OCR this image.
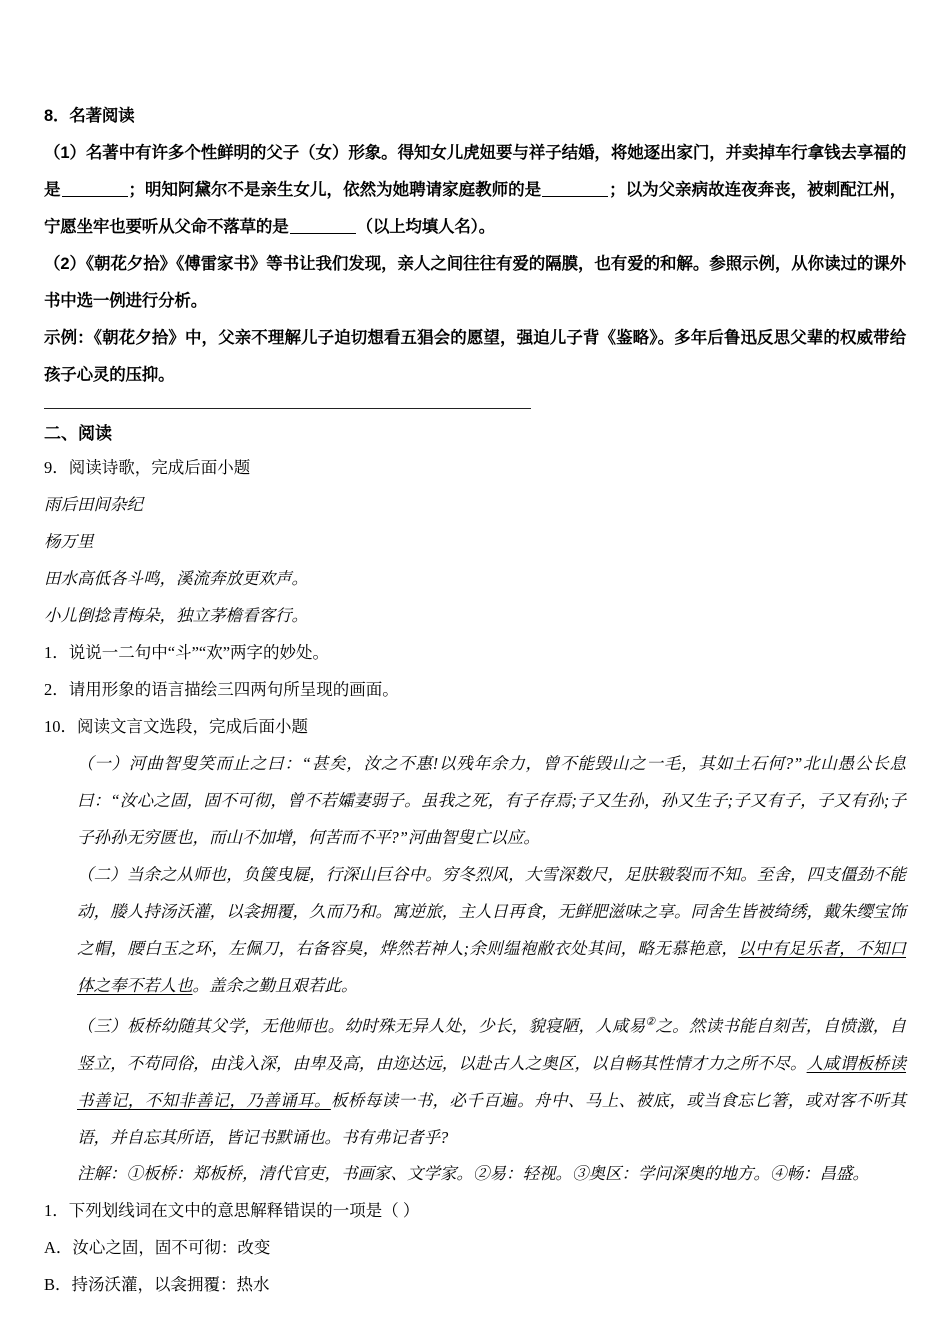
8．名著阅读
（1）名著中有许多个性鲜明的父子（女）形象。得知女儿虎妞要与祥子结婚，将她逐出家门，并卖掉车行拿钱去享福的是	；明知阿黛尔不是亲生女儿，依然为她聘请家庭教师的是	；以为父亲病故连夜奔丧，被刺配江州，宁愿坐牢也要听从父命不落草的是	（以上均填人名）。
（2）《朝花夕拾》《傅雷家书》等书让我们发现，亲人之间往往有爱的隔膜，也有爱的和解。参照示例，从你读过的课外书中选一例进行分析。
示例：《朝花夕拾》中，父亲不理解儿子迫切想看五猖会的愿望，强迫儿子背《鉴略》。多年后鲁迅反思父辈的权威带给孩子心灵的压抑。
二、阅读
9．阅读诗歌，完成后面小题
雨后田间杂纪
杨万里
田水高低各斗鸣，溪流奔放更欢声。
小儿倒捻青梅朵，独立茅檐看客行。
1．说说一二句中“斗”“欢”两字的妙处。
2．请用形象的语言描绘三四两句所呈现的画面。
10．阅读文言文选段，完成后面小题
（一）河曲智叟笑而止之曰：“甚矣，汝之不惠!以残年余力，曾不能毁山之一毛，其如土石何?”北山愚公长息曰：“汝心之固，固不可彻，曾不若孀妻弱子。虽我之死，有子存焉;子又生孙，孙又生子;子又有子，子又有孙;子子孙孙无穷匮也，而山不加增，何苦而不平?”河曲智叟亡以应。
（二）当余之从师也，负箧曳屣，行深山巨谷中。穷冬烈风，大雪深数尺，足肤皲裂而不知。至舍，四支僵劲不能动，媵人持汤沃灌，以衾拥覆，久而乃和。寓逆旅，主人日再食，无鲜肥滋味之享。同舍生皆被绮绣，戴朱缨宝饰之帽，腰白玉之环，左佩刀，右备容臭，烨然若神人;余则缊袍敝衣处其间，略无慕艳意，以中有足乐者，不知口体之奉不若人也。盖余之勤且艰若此。
（三）板桥幼随其父学，无他师也。幼时殊无异人处，少长，貌寝陋，人咸易②之。然读书能自刻苦，自愤激，自竖立，不苟同俗，由浅入深，由卑及高，由迩达远，以赴古人之奥区，以自畅其性情才力之所不尽。人咸谓板桥读书善记，不知非善记，乃善诵耳。板桥每读一书，必千百遍。舟中、马上、被底，或当食忘匕箸，或对客不听其语，并自忘其所语，皆记书默诵也。书有弗记者乎?
注解：①板桥：郑板桥，清代官吏，书画家、文学家。②易：轻视。③奥区：学问深奥的地方。④畅：昌盛。
1．下列划线词在文中的意思解释错误的一项是（ ）
A．汝心之固，固不可彻：改变
B．持汤沃灌，以衾拥覆：热水
